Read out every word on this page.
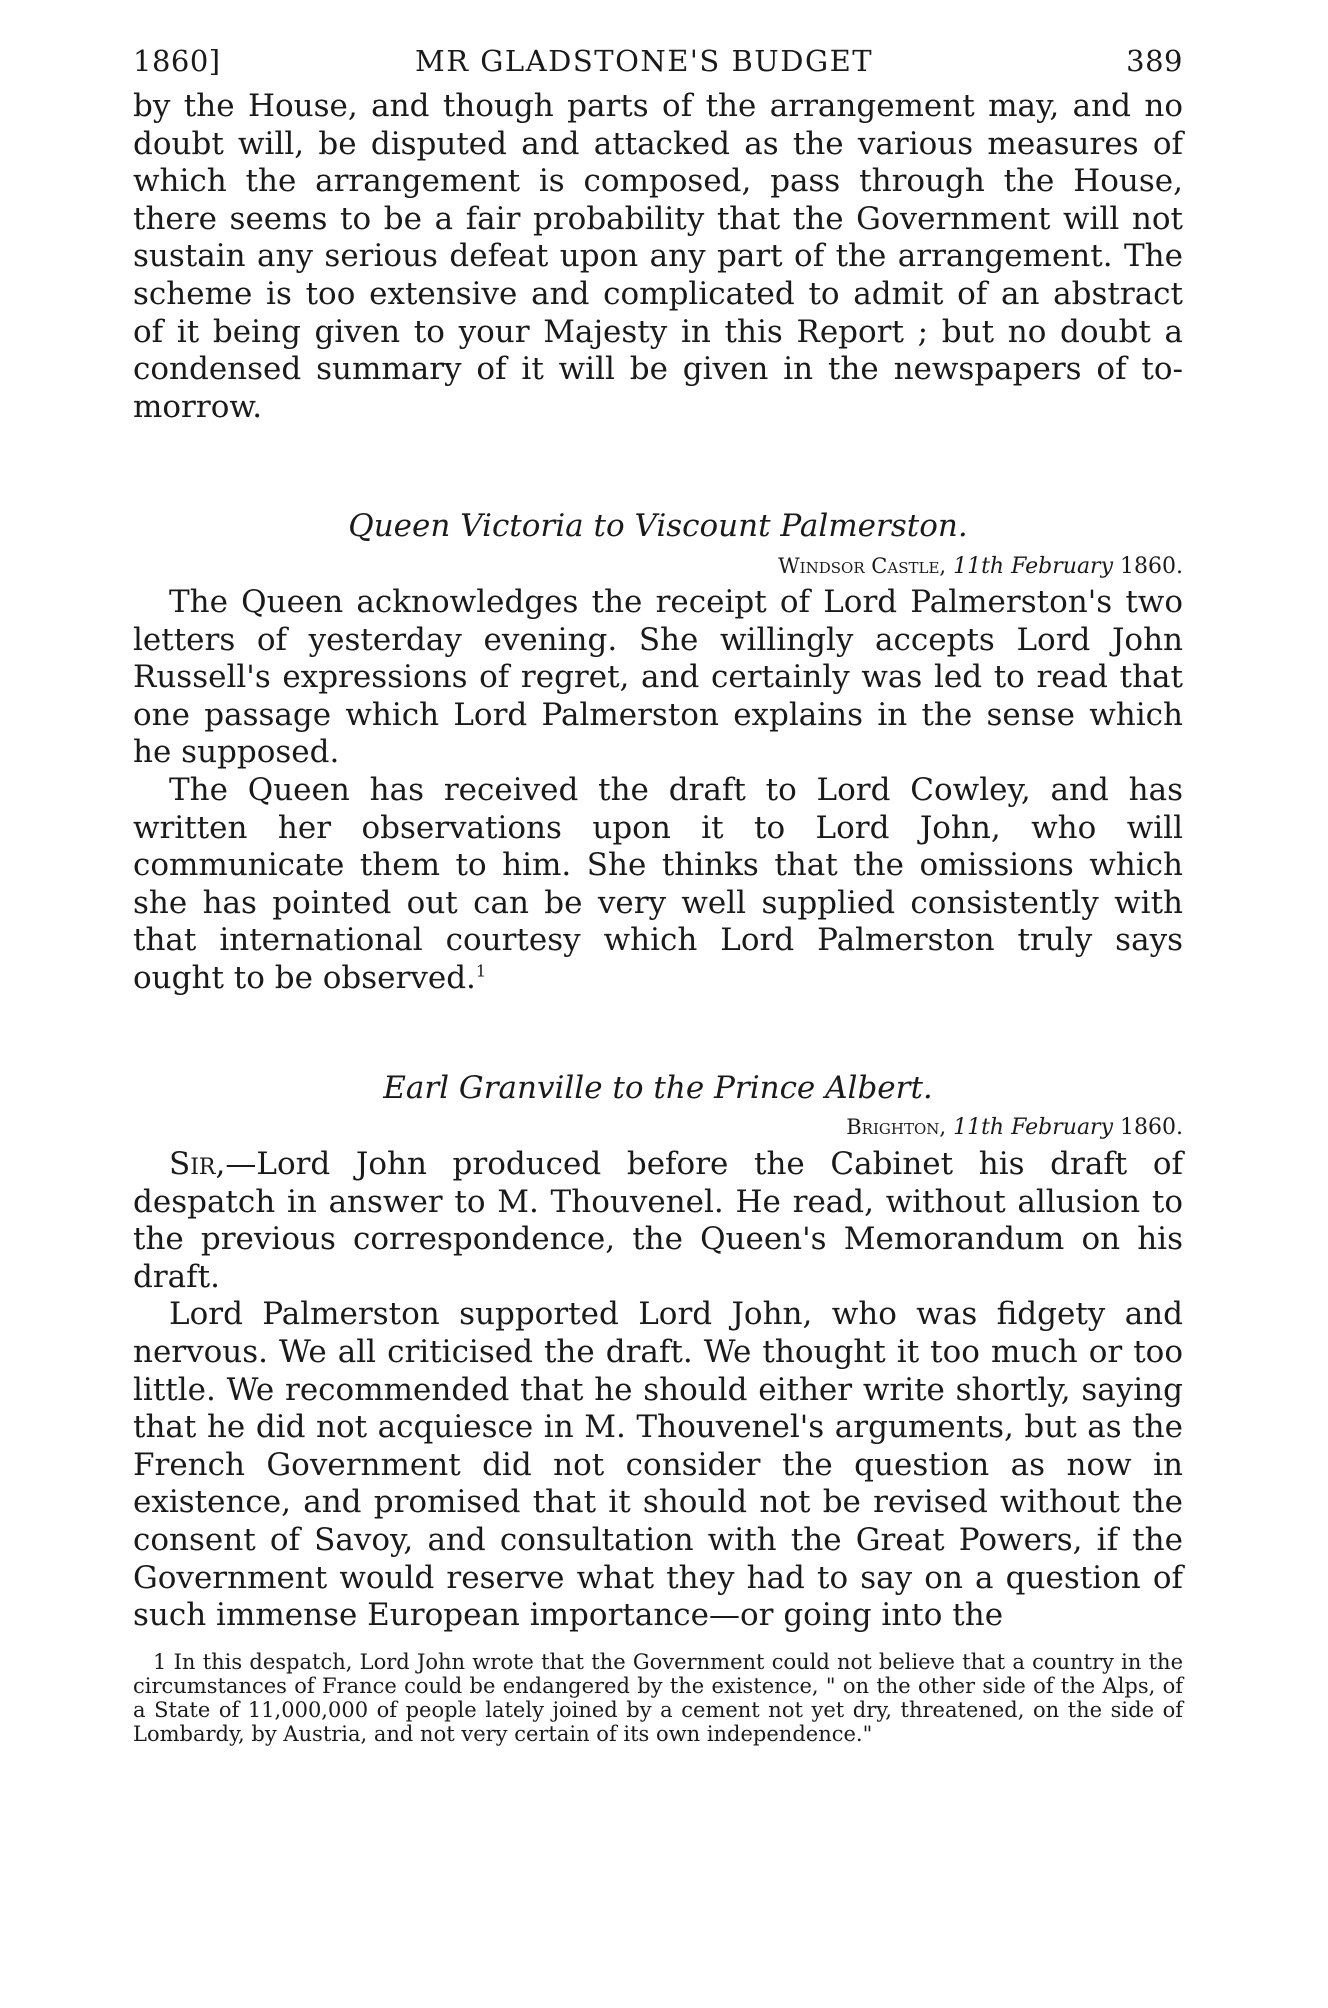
1860]	MR GLADSTONE'S BUDGET	389

by the House, and though parts of the arrangement may, and no doubt will, be disputed and attacked as the various measures of which the arrangement is composed, pass through the House, there seems to be a fair probability that the Government will not sustain any serious defeat upon any part of the arrangement. The scheme is too extensive and complicated to admit of an abstract of it being given to your Majesty in this Report ; but no doubt a condensed summary of it will be given in the newspapers of to-morrow.

Queen Victoria to Viscount Palmerston.
Windsor Castle, 11th February 1860.

The Queen acknowledges the receipt of Lord Palmerston's two letters of yesterday evening. She willingly accepts Lord John Russell's expressions of regret, and certainly was led to read that one passage which Lord Palmerston explains in the sense which he supposed.

The Queen has received the draft to Lord Cowley, and has written her observations upon it to Lord John, who will communicate them to him. She thinks that the omissions which she has pointed out can be very well supplied consistently with that international courtesy which Lord Palmerston truly says ought to be observed.$^1$

Earl Granville to the Prince Albert.
Brighton, 11th February 1860.

Sir,—Lord John produced before the Cabinet his draft of despatch in answer to M. Thouvenel. He read, without allusion to the previous correspondence, the Queen's Memorandum on his draft.

Lord Palmerston supported Lord John, who was fidgety and nervous. We all criticised the draft. We thought it too much or too little. We recommended that he should either write shortly, saying that he did not acquiesce in M. Thouvenel's arguments, but as the French Government did not consider the question as now in existence, and promised that it should not be revised without the consent of Savoy, and consultation with the Great Powers, if the Government would reserve what they had to say on a question of such immense European importance—or going into the

1 In this despatch, Lord John wrote that the Government could not believe that a country in the circumstances of France could be endangered by the existence, " on the other side of the Alps, of a State of 11,000,000 of people lately joined by a cement not yet dry, threatened, on the side of Lombardy, by Austria, and not very certain of its own independence."
